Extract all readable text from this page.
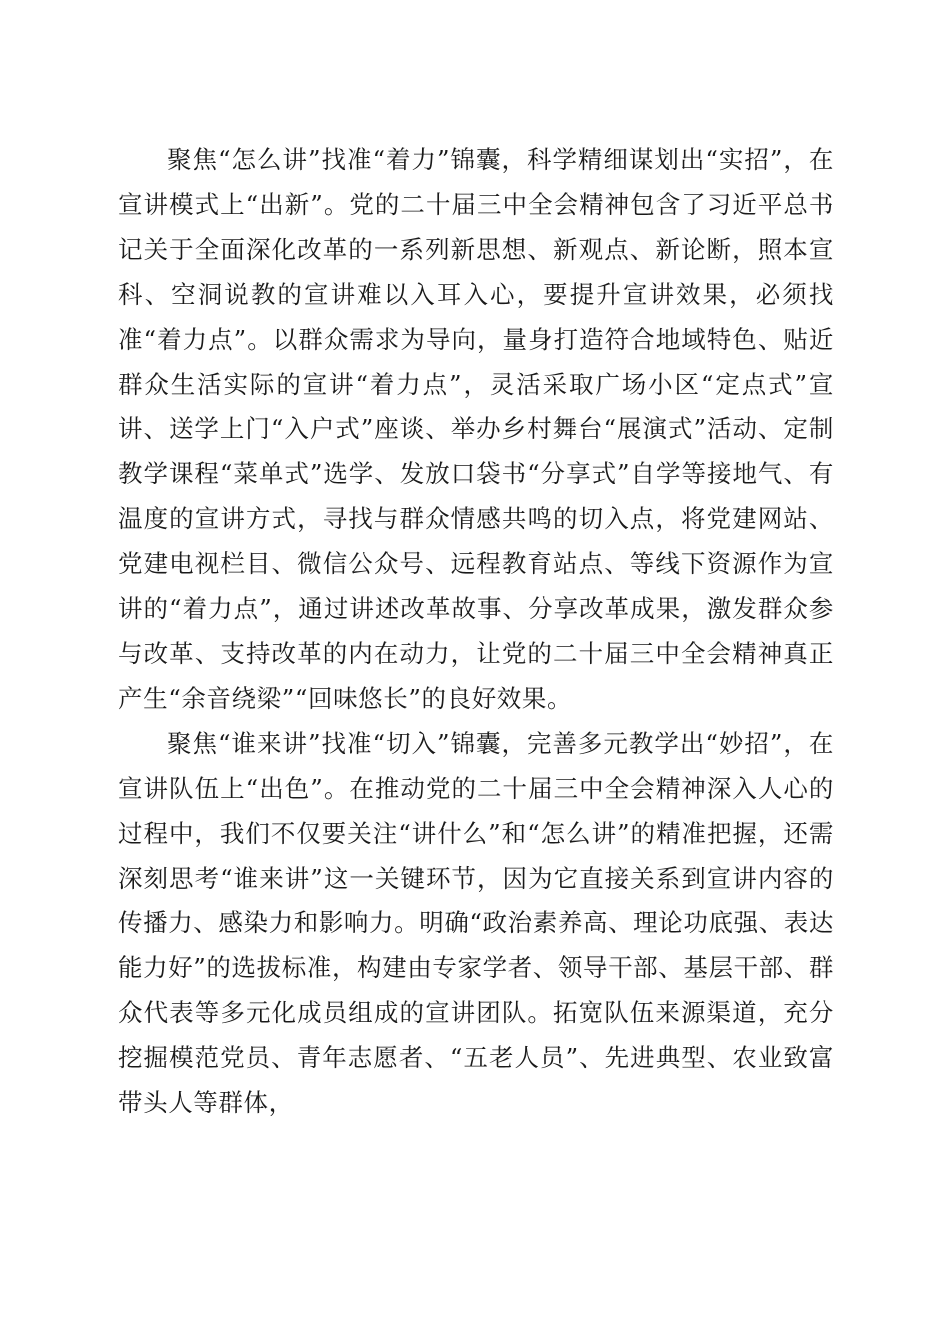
聚焦“怎么讲”找准“着力”锦囊，科学精细谋划出“实招”，在宣讲模式上“出新”。党的二十届三中全会精神包含了习近平总书记关于全面深化改革的一系列新思想、新观点、新论断，照本宣科、空洞说教的宣讲难以入耳入心，要提升宣讲效果，必须找准“着力点”。以群众需求为导向，量身打造符合地域特色、贴近群众生活实际的宣讲“着力点”，灵活采取广场小区“定点式”宣讲、送学上门“入户式”座谈、举办乡村舞台“展演式”活动、定制教学课程“菜单式”选学、发放口袋书“分享式”自学等接地气、有温度的宣讲方式，寻找与群众情感共鸣的切入点，将党建网站、党建电视栏目、微信公众号、远程教育站点、等线下资源作为宣讲的“着力点”，通过讲述改革故事、分享改革成果，激发群众参与改革、支持改革的内在动力，让党的二十届三中全会精神真正产生“余音绕梁”“回味悠长”的良好效果。

聚焦“谁来讲”找准“切入”锦囊，完善多元教学出“妙招”，在宣讲队伍上“出色”。在推动党的二十届三中全会精神深入人心的过程中，我们不仅要关注“讲什么”和“怎么讲”的精准把握，还需深刻思考“谁来讲”这一关键环节，因为它直接关系到宣讲内容的传播力、感染力和影响力。明确“政治素养高、理论功底强、表达能力好”的选拔标准，构建由专家学者、领导干部、基层干部、群众代表等多元化成员组成的宣讲团队。拓宽队伍来源渠道，充分挖掘模范党员、青年志愿者、“五老人员”、先进典型、农业致富带头人等群体，
